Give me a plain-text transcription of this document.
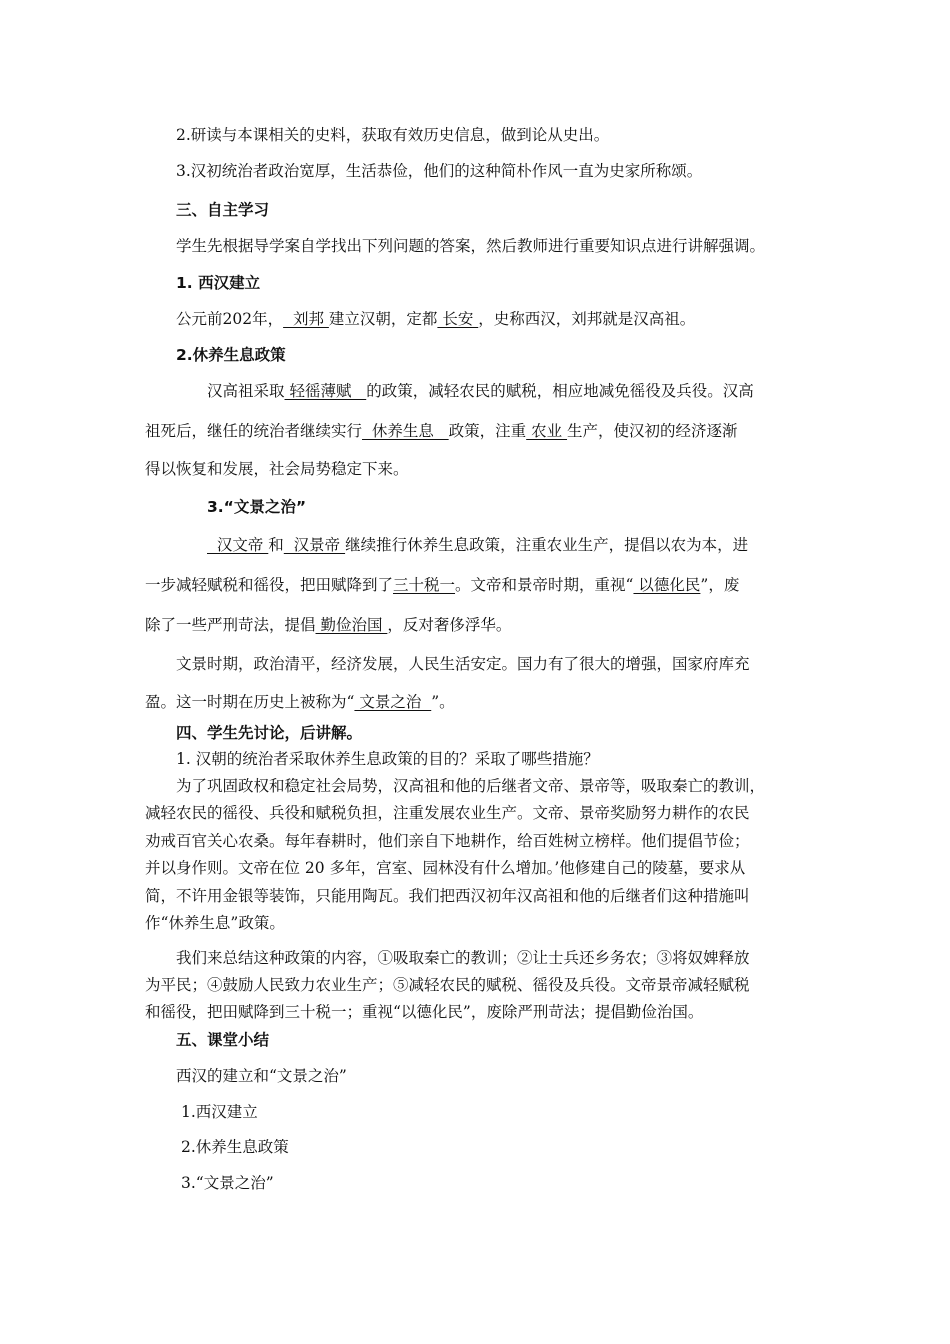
2.研读与本课相关的史料，获取有效历史信息，做到论从史出。
3.汉初统治者政治宽厚，生活恭俭，他们的这种简朴作风一直为史家所称颂。
三、自主学习
学生先根据导学案自学找出下列问题的答案，然后教师进行重要知识点进行讲解强调。
1. 西汉建立
公元前202年，  刘邦 建立汉朝，定都 长安 ，史称西汉，刘邦就是汉高祖。
2.休养生息政策
汉高祖采取 轻徭薄赋   的政策，减轻农民的赋税，相应地减免徭役及兵役。汉高
祖死后，继任的统治者继续实行  休养生息   政策，注重 农业 生产，使汉初的经济逐渐
得以恢复和发展，社会局势稳定下来。
3.“文景之治”
汉文帝 和  汉景帝 继续推行休养生息政策，注重农业生产，提倡以农为本，进
一步减轻赋税和徭役，把田赋降到了三十税一。文帝和景帝时期，重视“ 以德化民”，废
除了一些严刑苛法，提倡 勤俭治国 ，反对奢侈浮华。
文景时期，政治清平，经济发展，人民生活安定。国力有了很大的增强，国家府库充
盈。这一时期在历史上被称为“ 文景之治  ”。
四、学生先讨论，后讲解。
1. 汉朝的统治者采取休养生息政策的目的？采取了哪些措施？
为了巩固政权和稳定社会局势，汉高祖和他的后继者文帝、景帝等，吸取秦亡的教训，
减轻农民的徭役、兵役和赋税负担，注重发展农业生产。文帝、景帝奖励努力耕作的农民
劝戒百官关心农桑。每年春耕时，他们亲自下地耕作，给百姓树立榜样。他们提倡节俭；
并以身作则。文帝在位 20 多年，宫室、园林没有什么增加。’他修建自己的陵墓，要求从
简，不许用金银等装饰，只能用陶瓦。我们把西汉初年汉高祖和他的后继者们这种措施叫
作“休养生息”政策。
我们来总结这种政策的内容，①吸取秦亡的教训；②让士兵还乡务农；③将奴婢释放
为平民；④鼓励人民致力农业生产；⑤减轻农民的赋税、徭役及兵役。文帝景帝减轻赋税
和徭役，把田赋降到三十税一；重视“以德化民”，废除严刑苛法；提倡勤俭治国。
五、课堂小结
西汉的建立和“文景之治”
1.西汉建立
2.休养生息政策
3.“文景之治”
